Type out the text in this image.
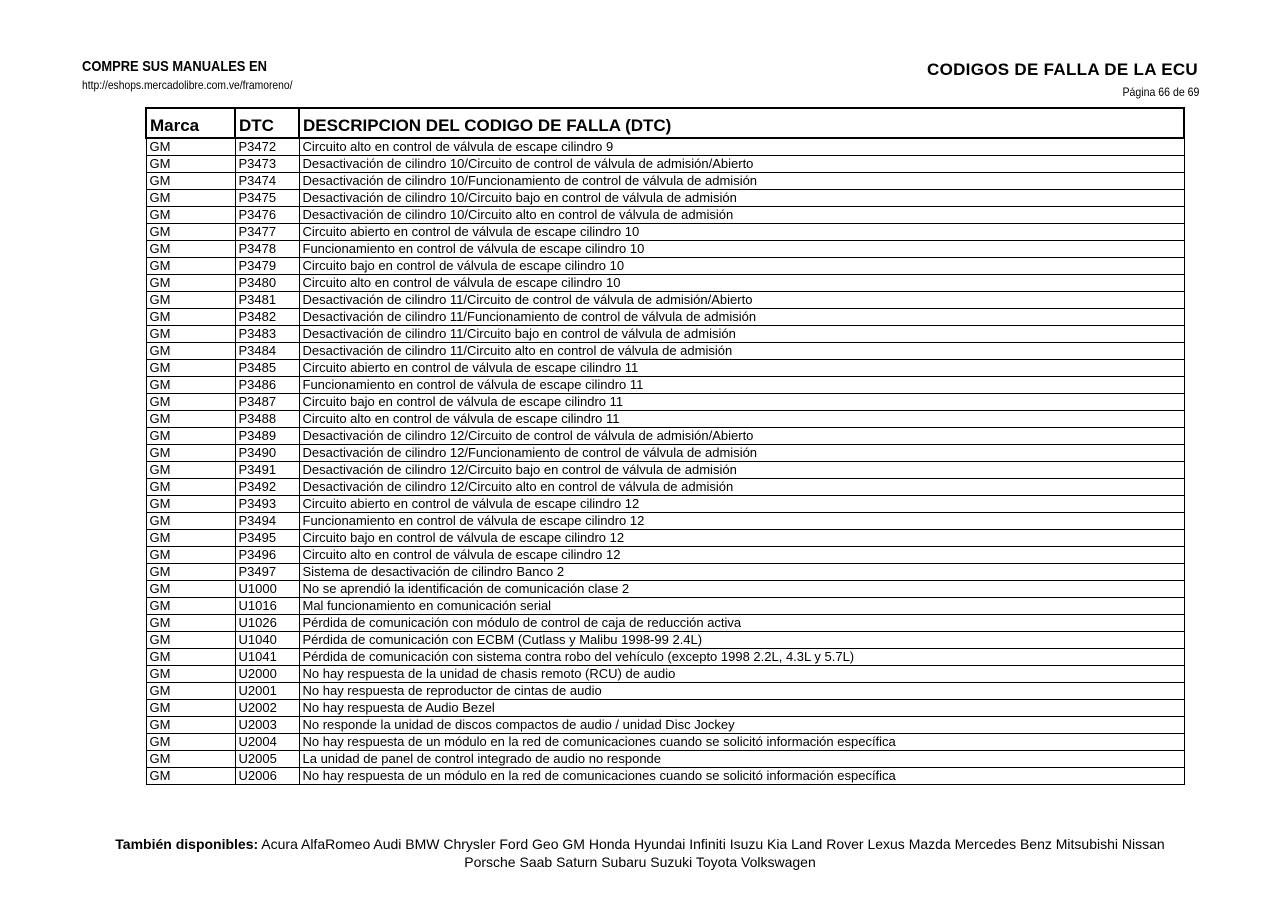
COMPRE SUS MANUALES EN
http://eshops.mercadolibre.com.ve/framoreno/
CODIGOS DE FALLA DE LA ECU
Página 66 de 69
Marca	DTC	DESCRIPCION DEL CODIGO DE FALLA (DTC)
GM	P3472	Circuito alto en control de válvula de escape cilindro 9
GM	P3473	Desactivación de cilindro 10/Circuito de control de válvula de admisión/Abierto
GM	P3474	Desactivación de cilindro 10/Funcionamiento de control de válvula de admisión
GM	P3475	Desactivación de cilindro 10/Circuito bajo en control de válvula de admisión
GM	P3476	Desactivación de cilindro 10/Circuito alto en control de válvula de admisión
GM	P3477	Circuito abierto en control de válvula de escape cilindro 10
GM	P3478	Funcionamiento en control de válvula de escape cilindro 10
GM	P3479	Circuito bajo en control de válvula de escape cilindro 10
GM	P3480	Circuito alto en control de válvula de escape cilindro 10
GM	P3481	Desactivación de cilindro 11/Circuito de control de válvula de admisión/Abierto
GM	P3482	Desactivación de cilindro 11/Funcionamiento de control de válvula de admisión
GM	P3483	Desactivación de cilindro 11/Circuito bajo en control de válvula de admisión
GM	P3484	Desactivación de cilindro 11/Circuito alto en control de válvula de admisión
GM	P3485	Circuito abierto en control de válvula de escape cilindro 11
GM	P3486	Funcionamiento en control de válvula de escape cilindro 11
GM	P3487	Circuito bajo en control de válvula de escape cilindro 11
GM	P3488	Circuito alto en control de válvula de escape cilindro 11
GM	P3489	Desactivación de cilindro 12/Circuito de control de válvula de admisión/Abierto
GM	P3490	Desactivación de cilindro 12/Funcionamiento de control de válvula de admisión
GM	P3491	Desactivación de cilindro 12/Circuito bajo en control de válvula de admisión
GM	P3492	Desactivación de cilindro 12/Circuito alto en control de válvula de admisión
GM	P3493	Circuito abierto en control de válvula de escape cilindro 12
GM	P3494	Funcionamiento en control de válvula de escape cilindro 12
GM	P3495	Circuito bajo en control de válvula de escape cilindro 12
GM	P3496	Circuito alto en control de válvula de escape cilindro 12
GM	P3497	Sistema de desactivación de cilindro Banco 2
GM	U1000	No se aprendió la identificación de comunicación clase 2
GM	U1016	Mal funcionamiento en comunicación serial
GM	U1026	Pérdida de comunicación con módulo de control de caja de reducción activa
GM	U1040	Pérdida de comunicación con ECBM (Cutlass y Malibu 1998-99 2.4L)
GM	U1041	Pérdida de comunicación con sistema contra robo del vehículo (excepto 1998 2.2L, 4.3L y 5.7L)
GM	U2000	No hay respuesta de la unidad de chasis remoto (RCU) de audio
GM	U2001	No hay respuesta de reproductor de cintas de audio
GM	U2002	No hay respuesta de Audio Bezel
GM	U2003	No responde la unidad de discos compactos de audio / unidad Disc Jockey
GM	U2004	No hay respuesta de un módulo en la red de comunicaciones cuando se solicitó información específica
GM	U2005	La unidad de panel de control integrado de audio no responde
GM	U2006	No hay respuesta de un módulo en la red de comunicaciones cuando se solicitó información específica
También disponibles: Acura AlfaRomeo Audi BMW Chrysler Ford Geo GM Honda Hyundai Infiniti Isuzu Kia Land Rover Lexus Mazda Mercedes Benz Mitsubishi Nissan
Porsche Saab Saturn Subaru Suzuki Toyota Volkswagen
